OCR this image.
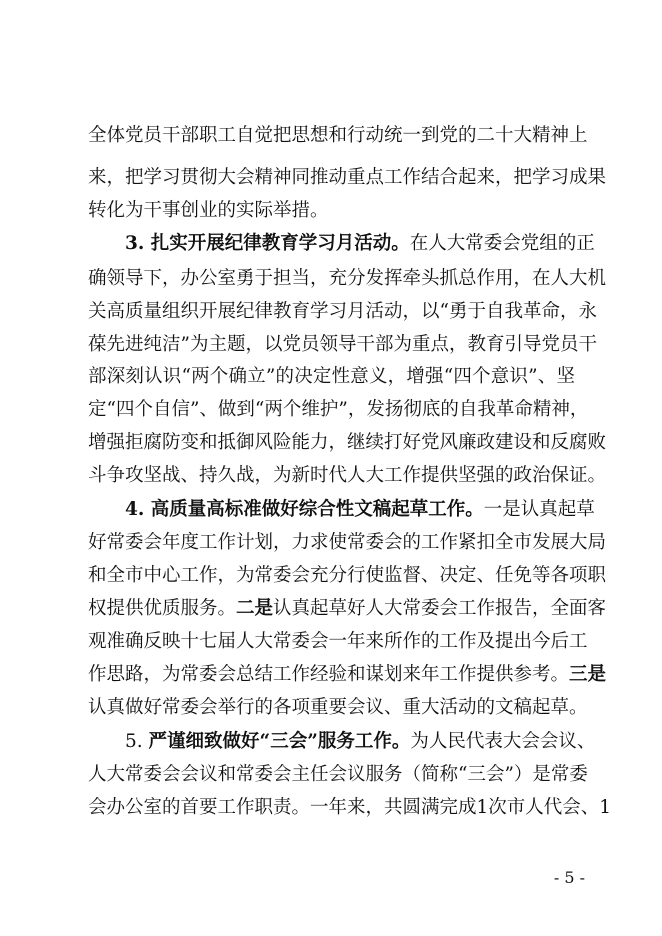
全体党员干部职工自觉把思想和行动统一到党的二十大精神上
来，把学习贯彻大会精神同推动重点工作结合起来，把学习成果
转化为干事创业的实际举措。
3. 扎实开展纪律教育学习月活动。在人大常委会党组的正
确领导下，办公室勇于担当，充分发挥牵头抓总作用，在人大机
关高质量组织开展纪律教育学习月活动，以“勇于自我革命，永
葆先进纯洁”为主题，以党员领导干部为重点，教育引导党员干
部深刻认识“两个确立”的决定性意义，增强“四个意识”、坚
定“四个自信”、做到“两个维护”，发扬彻底的自我革命精神，
增强拒腐防变和抵御风险能力，继续打好党风廉政建设和反腐败
斗争攻坚战、持久战，为新时代人大工作提供坚强的政治保证。
4. 高质量高标准做好综合性文稿起草工作。一是认真起草
好常委会年度工作计划，力求使常委会的工作紧扣全市发展大局
和全市中心工作，为常委会充分行使监督、决定、任免等各项职
权提供优质服务。二是认真起草好人大常委会工作报告，全面客
观准确反映十七届人大常委会一年来所作的工作及提出今后工
作思路，为常委会总结工作经验和谋划来年工作提供参考。三是
认真做好常委会举行的各项重要会议、重大活动的文稿起草。
5. 严谨细致做好“三会”服务工作。为人民代表大会会议、
人大常委会会议和常委会主任会议服务（简称“三会”）是常委
会办公室的首要工作职责。一年来，共圆满完成1次市人代会、1
- 5 -
